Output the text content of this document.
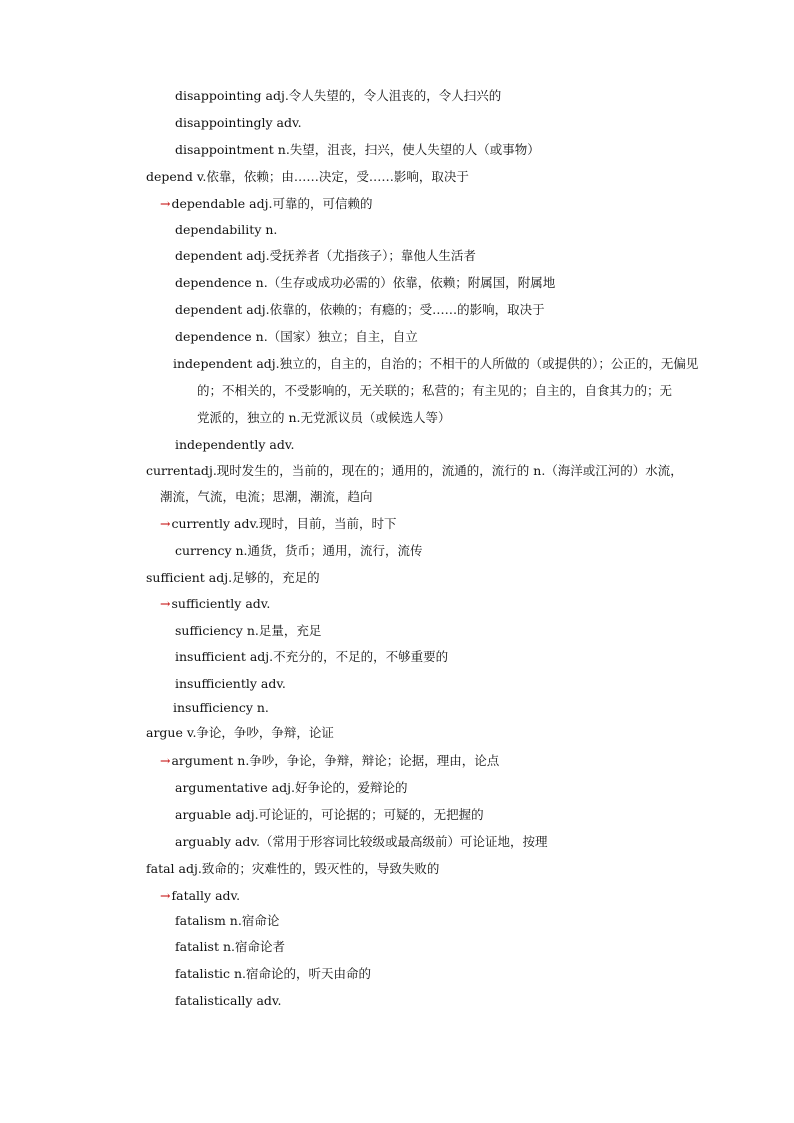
disappointing adj.令人失望的，令人沮丧的，令人扫兴的
disappointingly adv.
disappointment n.失望，沮丧，扫兴，使人失望的人（或事物）
depend v.依靠，依赖；由……决定，受……影响，取决于
→dependable adj.可靠的，可信赖的
dependability n.
dependent adj.受抚养者（尤指孩子）；靠他人生活者
dependence n.（生存或成功必需的）依靠，依赖；附属国，附属地
dependent adj.依靠的，依赖的；有瘾的；受……的影响，取决于
dependence n.（国家）独立；自主，自立
independent adj.独立的，自主的，自治的；不相干的人所做的（或提供的）；公正的，无偏见
的；不相关的，不受影响的，无关联的；私营的；有主见的；自主的，自食其力的；无
党派的，独立的 n.无党派议员（或候选人等）
independently adv.
currentadj.现时发生的，当前的，现在的；通用的，流通的，流行的 n.（海洋或江河的）水流，
潮流，气流，电流；思潮，潮流，趋向
→currently adv.现时，目前，当前，时下
currency n.通货，货币；通用，流行，流传
sufficient adj.足够的，充足的
→sufficiently adv.
sufficiency n.足量，充足
insufficient adj.不充分的，不足的，不够重要的
insufficiently adv.
insufficiency n.
argue v.争论，争吵，争辩，论证
→argument n.争吵，争论，争辩，辩论；论据，理由，论点
argumentative adj.好争论的，爱辩论的
arguable adj.可论证的，可论据的；可疑的，无把握的
arguably adv.（常用于形容词比较级或最高级前）可论证地，按理
fatal adj.致命的；灾难性的，毁灭性的，导致失败的
→fatally adv.
fatalism n.宿命论
fatalist n.宿命论者
fatalistic n.宿命论的，听天由命的
fatalistically adv.
